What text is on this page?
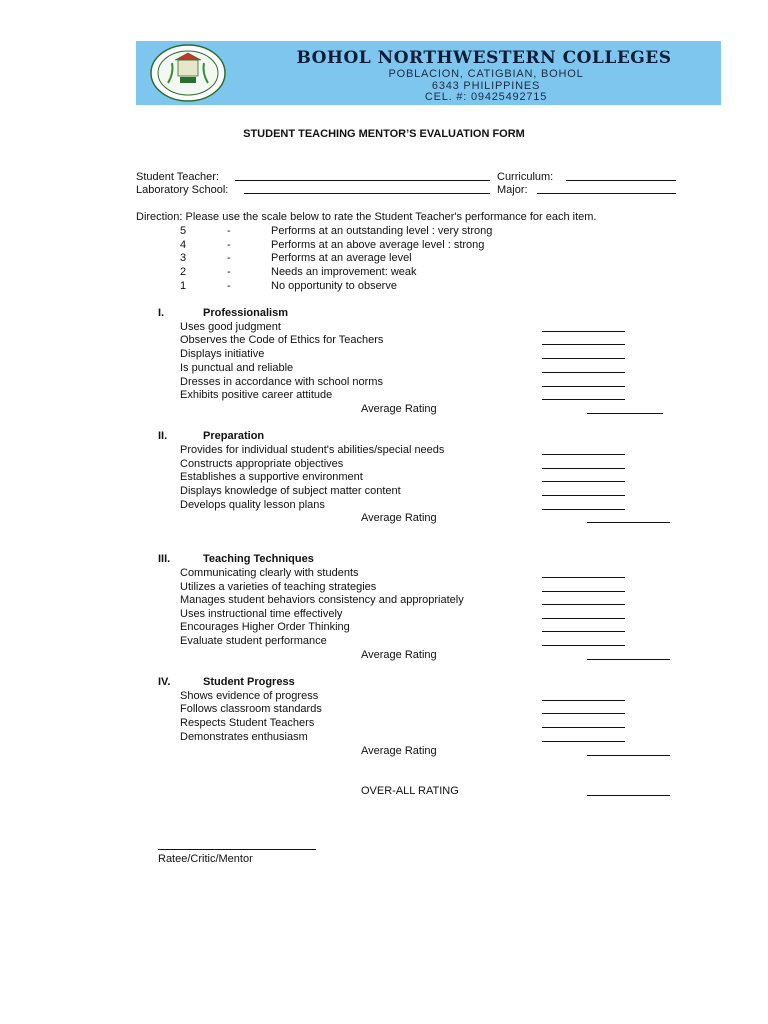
BOHOL NORTHWESTERN COLLEGES
POBLACION, CATIGBIAN, BOHOL
6343 PHILIPPINES
CEL. #: 09425492715
STUDENT TEACHING MENTOR’S EVALUATION FORM
Student Teacher:	Curriculum:
Laboratory School:	Major:
Direction: Please use the scale below to rate the Student Teacher's performance for each item.
5	-	Performs at an outstanding level : very strong
4	-	Performs at an above average level : strong
3	-	Performs at an average level
2	-	Needs an improvement: weak
1	-	No opportunity to observe
I.	Professionalism
Uses good judgment
Observes the Code of Ethics for Teachers
Displays initiative
Is punctual and reliable
Dresses in accordance with school norms
Exhibits positive career attitude
Average Rating
II.	Preparation
Provides for individual student's abilities/special needs
Constructs appropriate objectives
Establishes a supportive environment
Displays knowledge of subject matter content
Develops quality lesson plans
Average Rating
III.	Teaching Techniques
Communicating clearly with students
Utilizes a varieties of teaching strategies
Manages student behaviors consistency and appropriately
Uses instructional time effectively
Encourages Higher Order Thinking
Evaluate student performance
Average Rating
IV.	Student Progress
Shows evidence of progress
Follows classroom standards
Respects Student Teachers
Demonstrates enthusiasm
Average Rating
OVER-ALL RATING
Ratee/Critic/Mentor
